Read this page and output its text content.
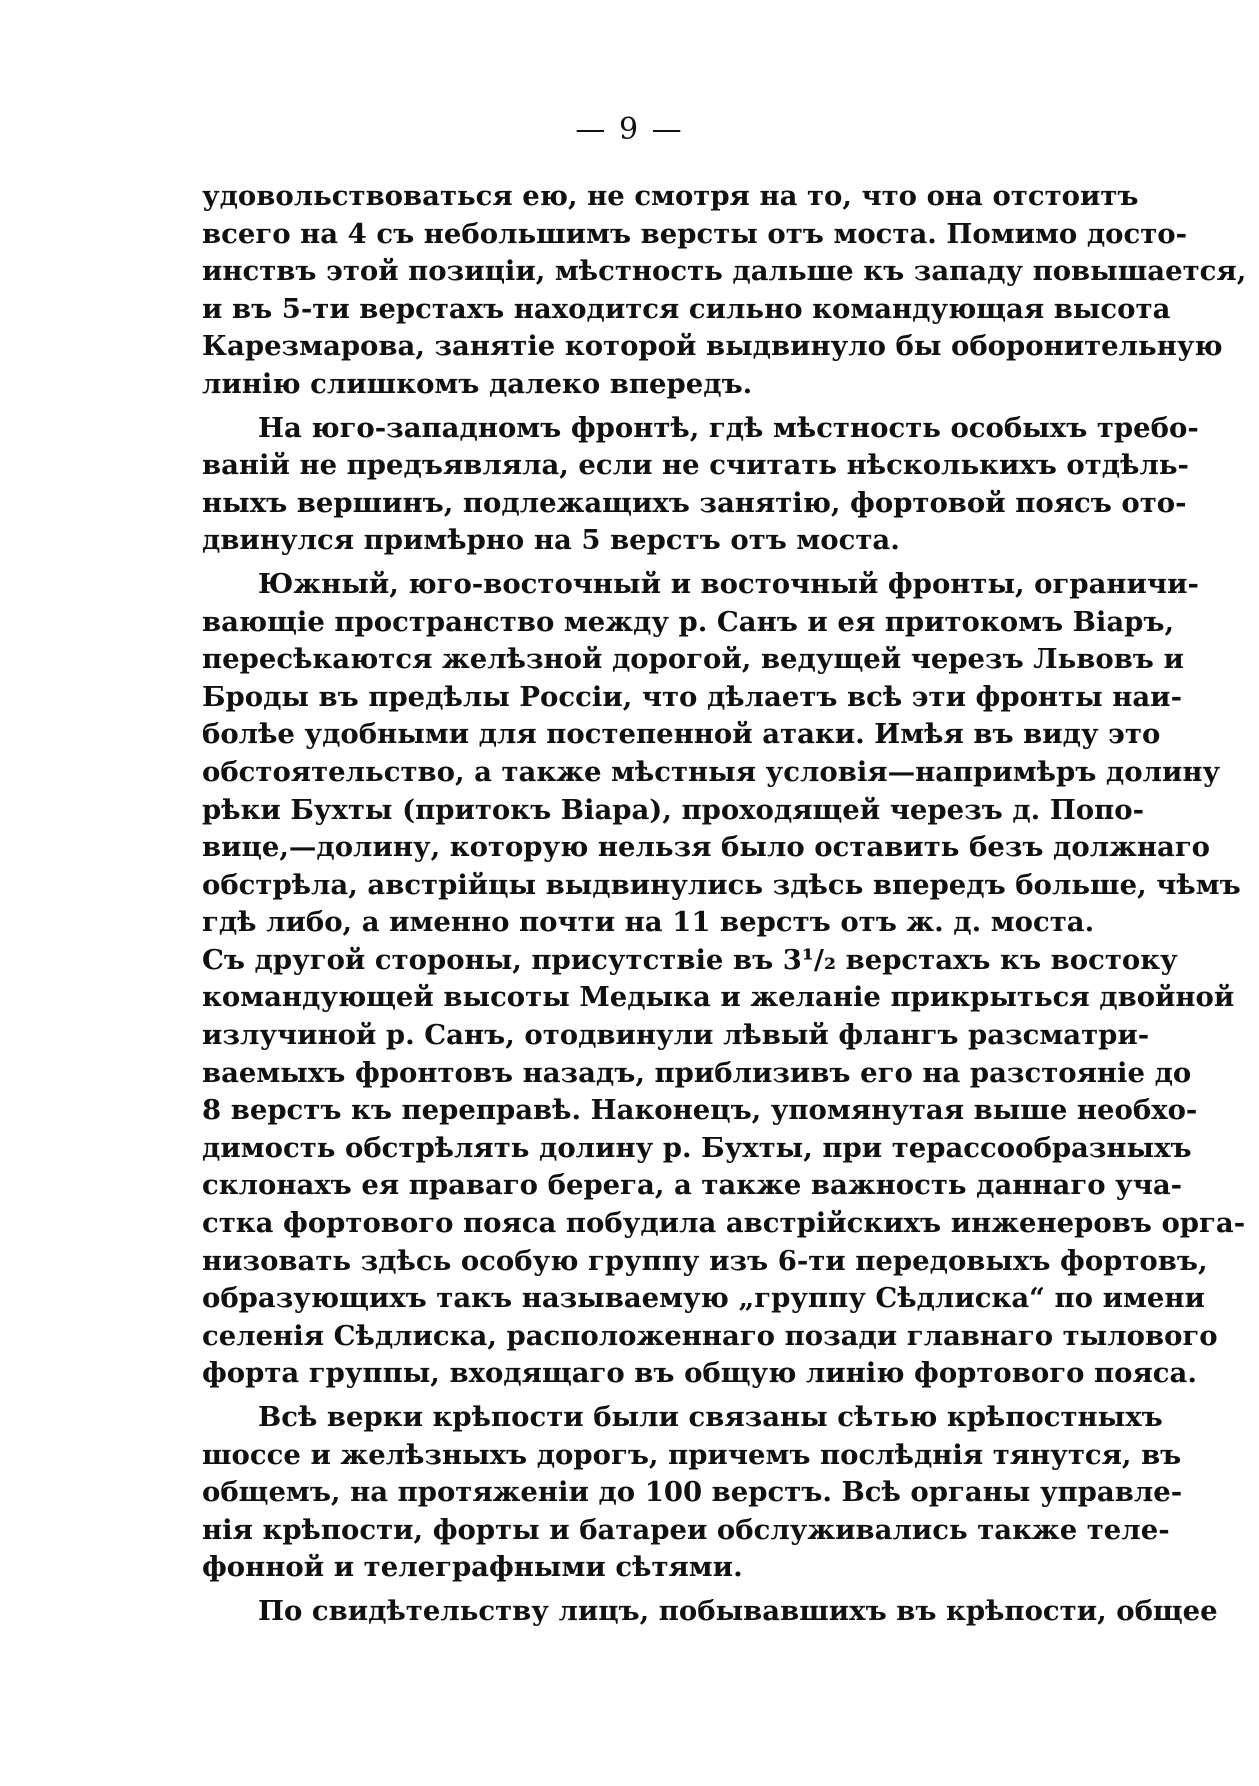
— 9 —
удовольствоваться ею, не смотря на то, что она отстоитъ
всего на 4 съ небольшимъ версты отъ моста. Помимо досто-
инствъ этой позиціи, мѣстность дальше къ западу повышается,
и въ 5-ти верстахъ находится сильно командующая высота
Карезмарова, занятіе которой выдвинуло бы оборонительную
линію слишкомъ далеко впередъ.
На юго-западномъ фронтѣ, гдѣ мѣстность особыхъ требо-
ваній не предъявляла, если не считать нѣсколькихъ отдѣль-
ныхъ вершинъ, подлежащихъ занятію, фортовой поясъ ото-
двинулся примѣрно на 5 верстъ отъ моста.
Южный, юго-восточный и восточный фронты, ограничи-
вающіе пространство между р. Санъ и ея притокомъ Віаръ,
пересѣкаются желѣзной дорогой, ведущей черезъ Львовъ и
Броды въ предѣлы Россіи, что дѣлаетъ всѣ эти фронты наи-
болѣе удобными для постепенной атаки. Имѣя въ виду это
обстоятельство, а также мѣстныя условія—напримѣръ долину
рѣки Бухты (притокъ Віара), проходящей черезъ д. Попо-
вице,—долину, которую нельзя было оставить безъ должнаго
обстрѣла, австрійцы выдвинулись здѣсь впередъ больше, чѣмъ
гдѣ либо, а именно почти на 11 верстъ отъ ж. д. моста.
Съ другой стороны, присутствіе въ 3¹/₂ верстахъ къ востоку
командующей высоты Медыка и желаніе прикрыться двойной
излучиной р. Санъ, отодвинули лѣвый флангъ разсматри-
ваемыхъ фронтовъ назадъ, приблизивъ его на разстояніе до
8 верстъ къ переправѣ. Наконецъ, упомянутая выше необхо-
димость обстрѣлять долину р. Бухты, при терассообразныхъ
склонахъ ея праваго берега, а также важность даннаго уча-
стка фортового пояса побудила австрійскихъ инженеровъ орга-
низовать здѣсь особую группу изъ 6-ти передовыхъ фортовъ,
образующихъ такъ называемую „группу Сѣдлиска“ по имени
селенія Сѣдлиска, расположеннаго позади главнаго тылового
форта группы, входящаго въ общую линію фортового пояса.
Всѣ верки крѣпости были связаны сѣтью крѣпостныхъ
шоссе и желѣзныхъ дорогъ, причемъ послѣднія тянутся, въ
общемъ, на протяженіи до 100 верстъ. Всѣ органы управле-
нія крѣпости, форты и батареи обслуживались также теле-
фонной и телеграфными сѣтями.
По свидѣтельству лицъ, побывавшихъ въ крѣпости, общее
